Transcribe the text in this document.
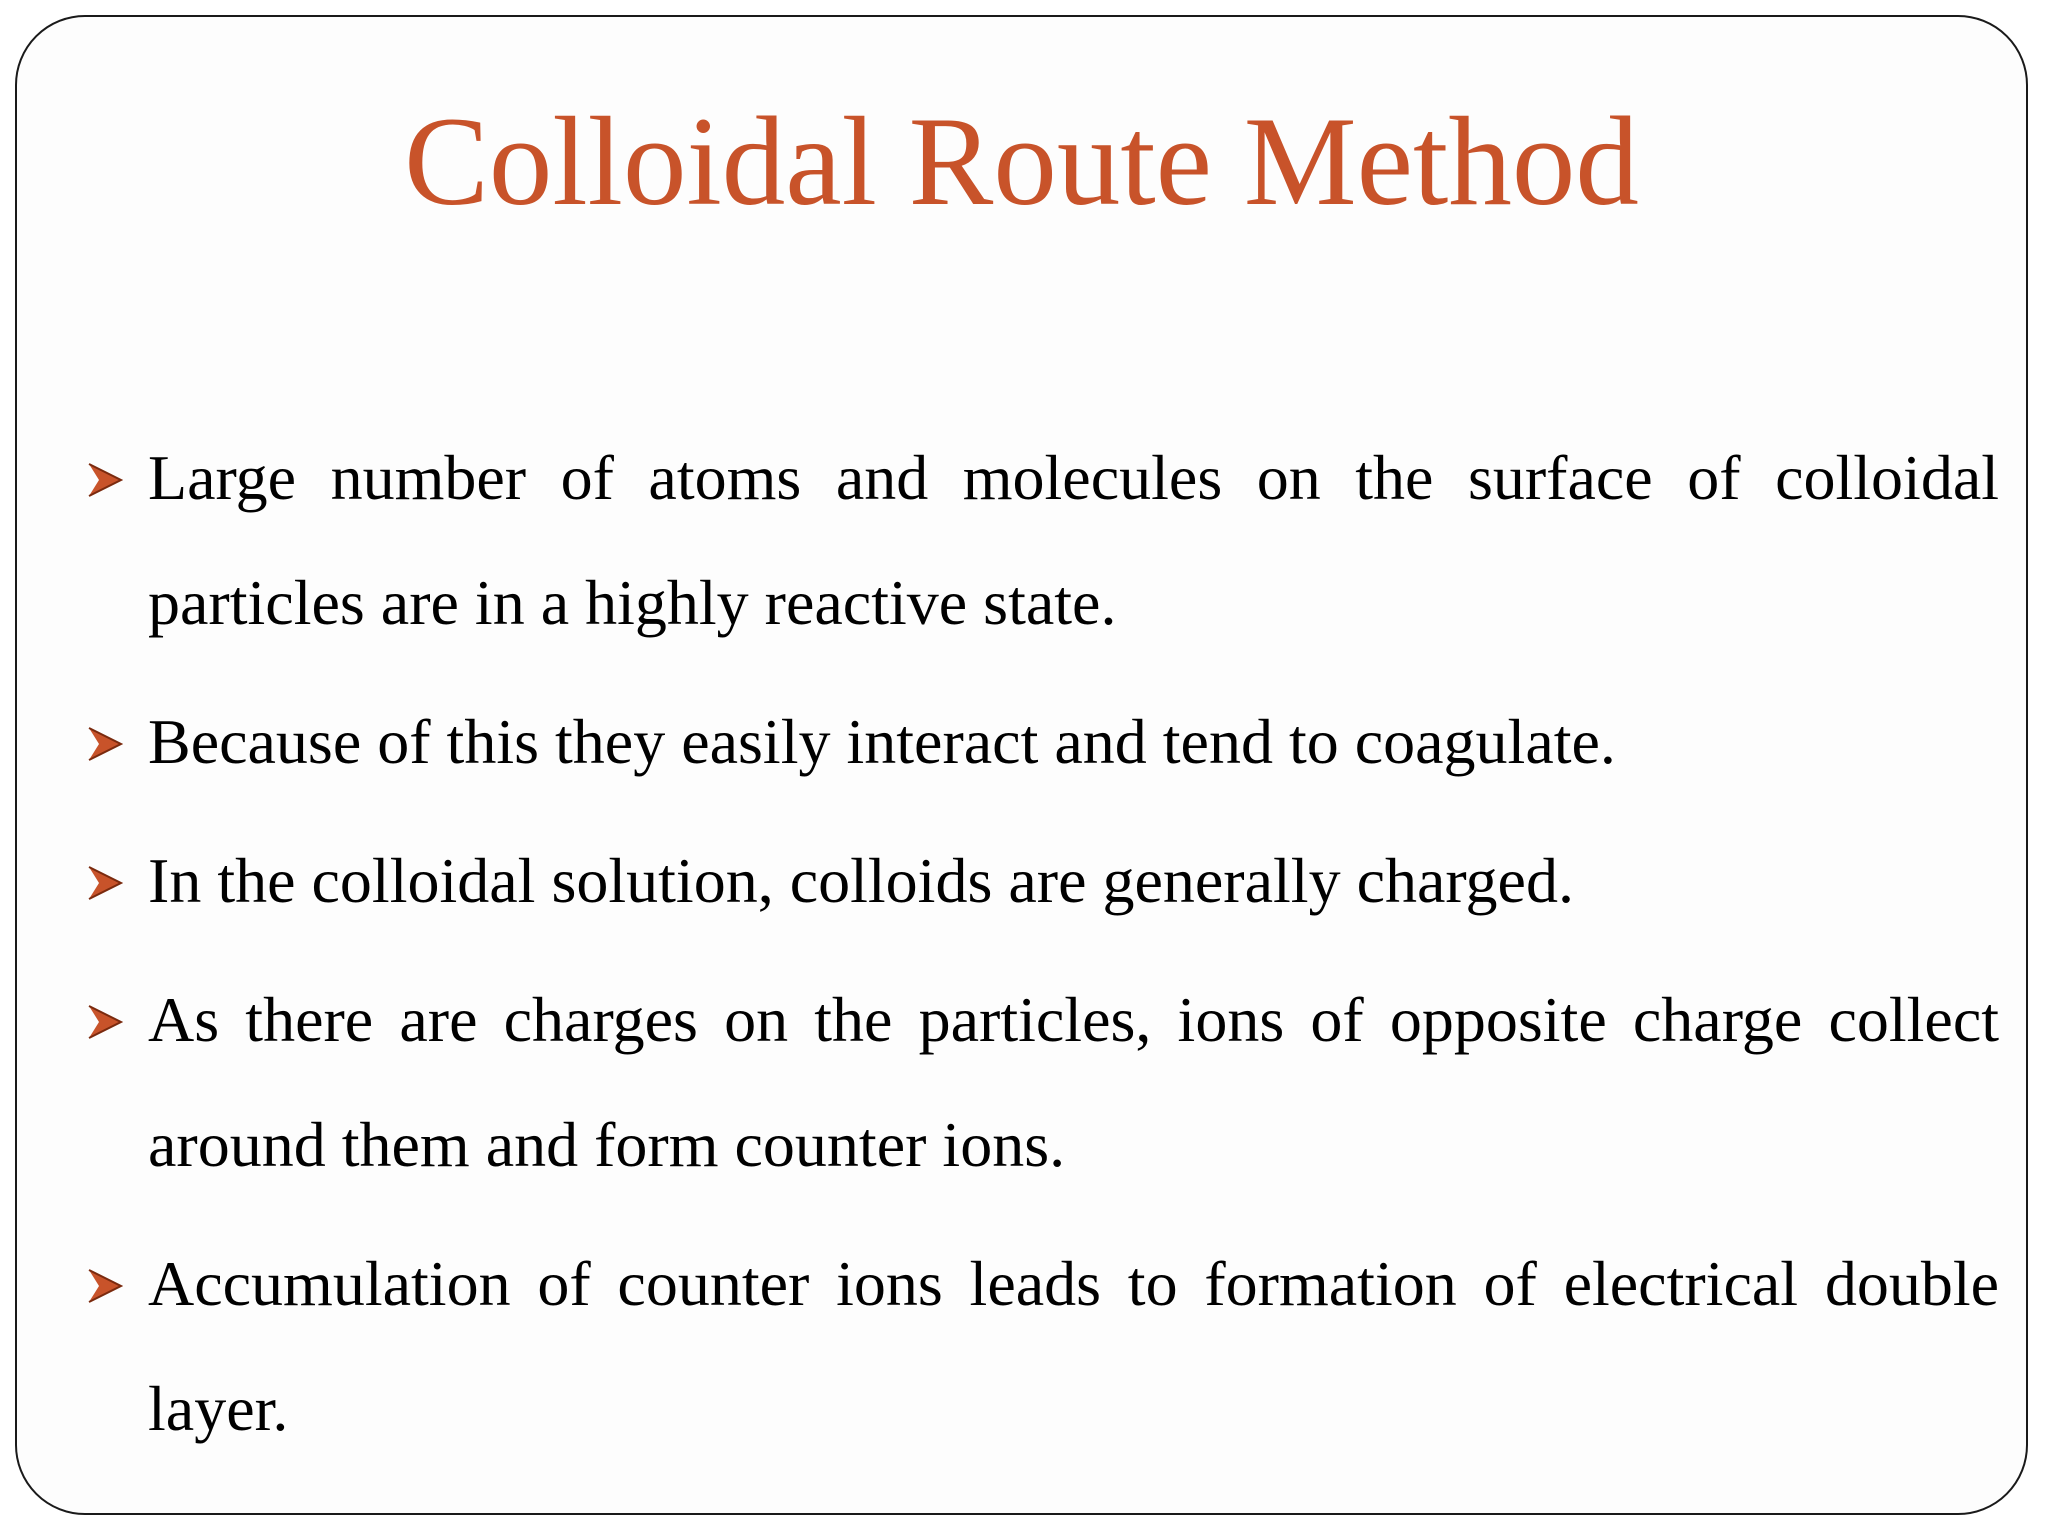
Colloidal Route Method
Large number of atoms and molecules on the surface of colloidal particles are in a highly reactive state.
Because of this they easily interact and tend to coagulate.
In the colloidal solution, colloids are generally charged.
As there are charges on the particles, ions of opposite charge collect around them and form counter ions.
Accumulation of counter ions leads to formation of electrical double layer.
